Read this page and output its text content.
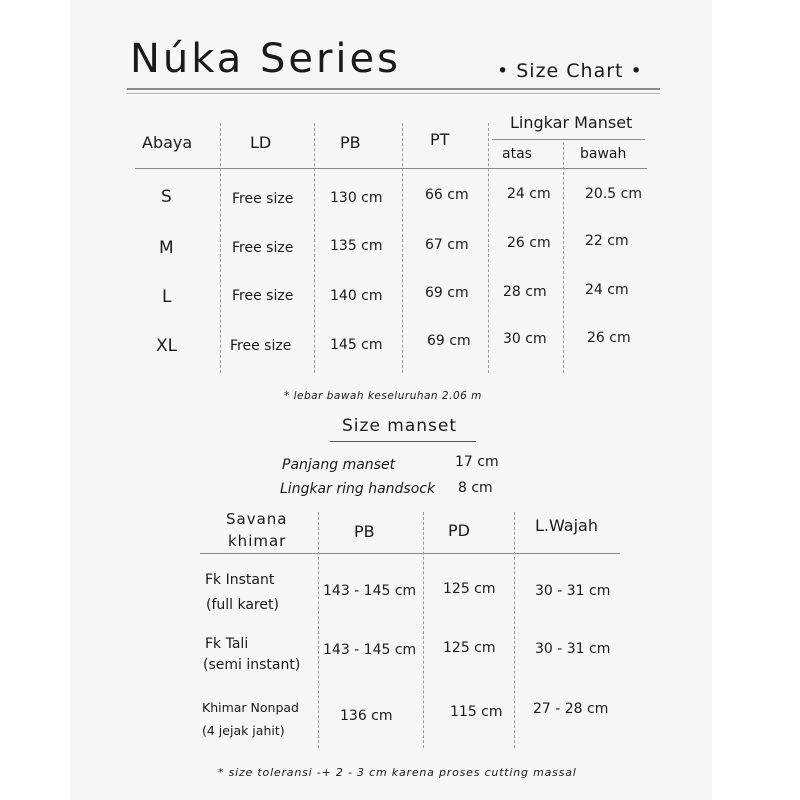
Núka Series	• Size Chart •
Abaya	LD	PB	PT
Lingkar Manset
atas	bawah
S	Free size	130 cm	66 cm	24 cm 20.5 cm
M	Free size	135 cm	67 cm	26 cm 22 cm
L	Free size	140 cm	69 cm 28 cm	24 cm
XL	Free size	145 cm	69 cm 30 cm	26 cm
* lebar bawah keseluruhan 2.06 m
Size manset
Panjang manset	17 cm
Lingkar ring handsock 8 cm
Savana
khimar	PB	PD	L.Wajah
Fk Instant
(full karet)
143 - 145 cm 125 cm	30 - 31 cm
Fk Tali
(semi instant)
143 - 145 cm 125 cm	30 - 31 cm
Khimar Nonpad
(4 jejak jahit)
136 cm	115 cm 27 - 28 cm
* size toleransi -+ 2 - 3 cm karena proses cutting massal
